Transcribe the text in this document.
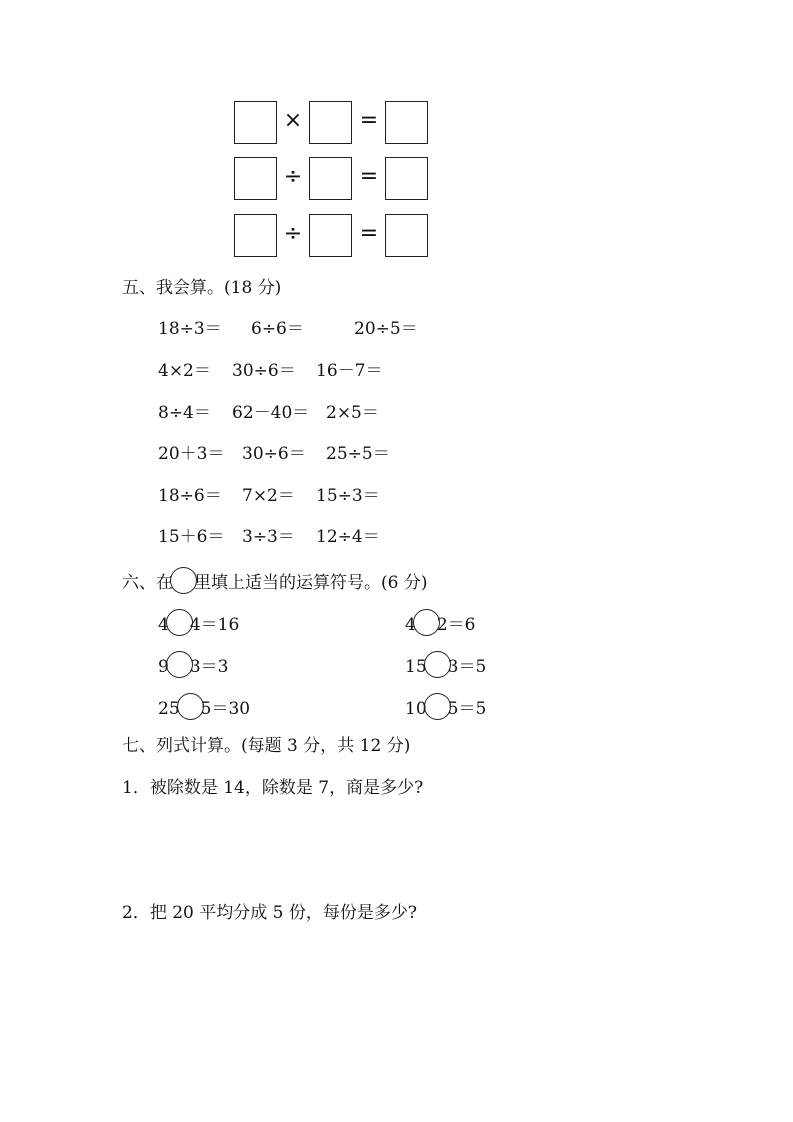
×	=
÷	=
÷	=
五、我会算。(18 分)
18÷3＝ 6÷6＝	20÷5＝
4×2＝ 30÷6＝ 16－7＝
8÷4＝ 62－40＝ 2×5＝
20＋3＝ 30÷6＝ 25÷5＝
18÷6＝ 7×2＝ 15÷3＝
15＋6＝ 3÷3＝ 12÷4＝
六、在 里填上适当的运算符号。(6 分)
4 4＝16	4 2＝6
9 3＝3	15 3＝5
25 5＝30	10 5＝5
七、列式计算。(每题 3 分，共 12 分)
1．被除数是 14，除数是 7，商是多少?
2．把 20 平均分成 5 份，每份是多少?
